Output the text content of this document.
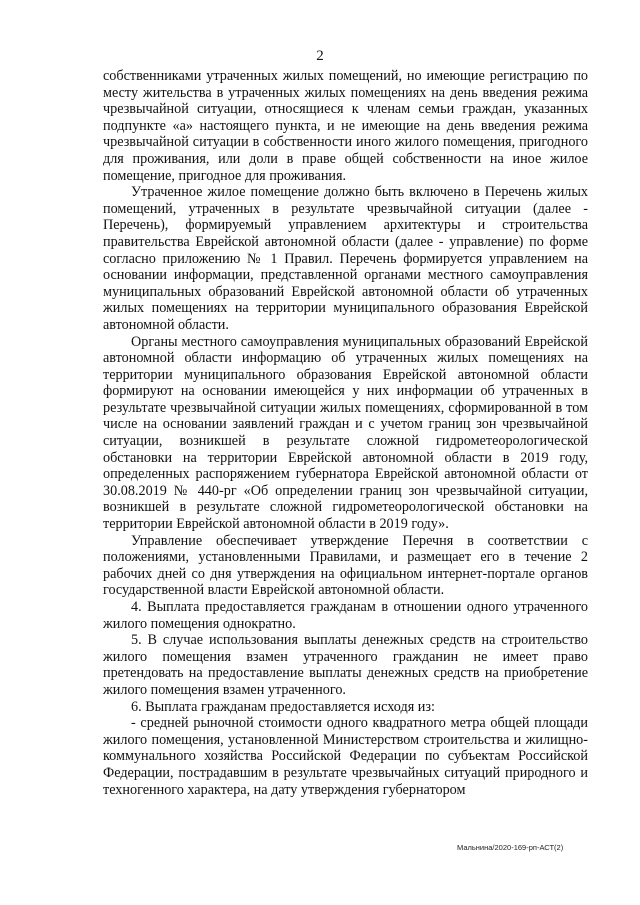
2

собственниками утраченных жилых помещений, но имеющие регистрацию по месту жительства в утраченных жилых помещениях на день введения режима чрезвычайной ситуации, относящиеся к членам семьи граждан, указанных подпункте «а» настоящего пункта, и не имеющие на день введения режима чрезвычайной ситуации в собственности иного жилого помещения, пригодного для проживания, или доли в праве общей собственности на иное жилое помещение, пригодное для проживания.

Утраченное жилое помещение должно быть включено в Перечень жилых помещений, утраченных в результате чрезвычайной ситуации (далее - Перечень), формируемый управлением архитектуры и строительства правительства Еврейской автономной области (далее - управление) по форме согласно приложению № 1 Правил. Перечень формируется управлением на основании информации, представленной органами местного самоуправления муниципальных образований Еврейской автономной области об утраченных жилых помещениях на территории муниципального образования Еврейской автономной области.

Органы местного самоуправления муниципальных образований Еврейской автономной области информацию об утраченных жилых помещениях на территории муниципального образования Еврейской автономной области формируют на основании имеющейся у них информации об утраченных в результате чрезвычайной ситуации жилых помещениях, сформированной в том числе на основании заявлений граждан и с учетом границ зон чрезвычайной ситуации, возникшей в результате сложной гидрометеорологической обстановки на территории Еврейской автономной области в 2019 году, определенных распоряжением губернатора Еврейской автономной области от 30.08.2019 № 440-рг «Об определении границ зон чрезвычайной ситуации, возникшей в результате сложной гидрометеорологической обстановки на территории Еврейской автономной области в 2019 году».

Управление обеспечивает утверждение Перечня в соответствии с положениями, установленными Правилами, и размещает его в течение 2 рабочих дней со дня утверждения на официальном интернет-портале органов государственной власти Еврейской автономной области.

4. Выплата предоставляется гражданам в отношении одного утраченного жилого помещения однократно.

5. В случае использования выплаты денежных средств на строительство жилого помещения взамен утраченного гражданин не имеет право претендовать на предоставление выплаты денежных средств на приобретение жилого помещения взамен утраченного.

6. Выплата гражданам предоставляется исходя из:

- средней рыночной стоимости одного квадратного метра общей площади жилого помещения, установленной Министерством строительства и жилищно-коммунального хозяйства Российской Федерации по субъектам Российской Федерации, пострадавшим в результате чрезвычайных ситуаций природного и техногенного характера, на дату утверждения губернатором

Мальнина/2020-169-рп-АСТ(2)
